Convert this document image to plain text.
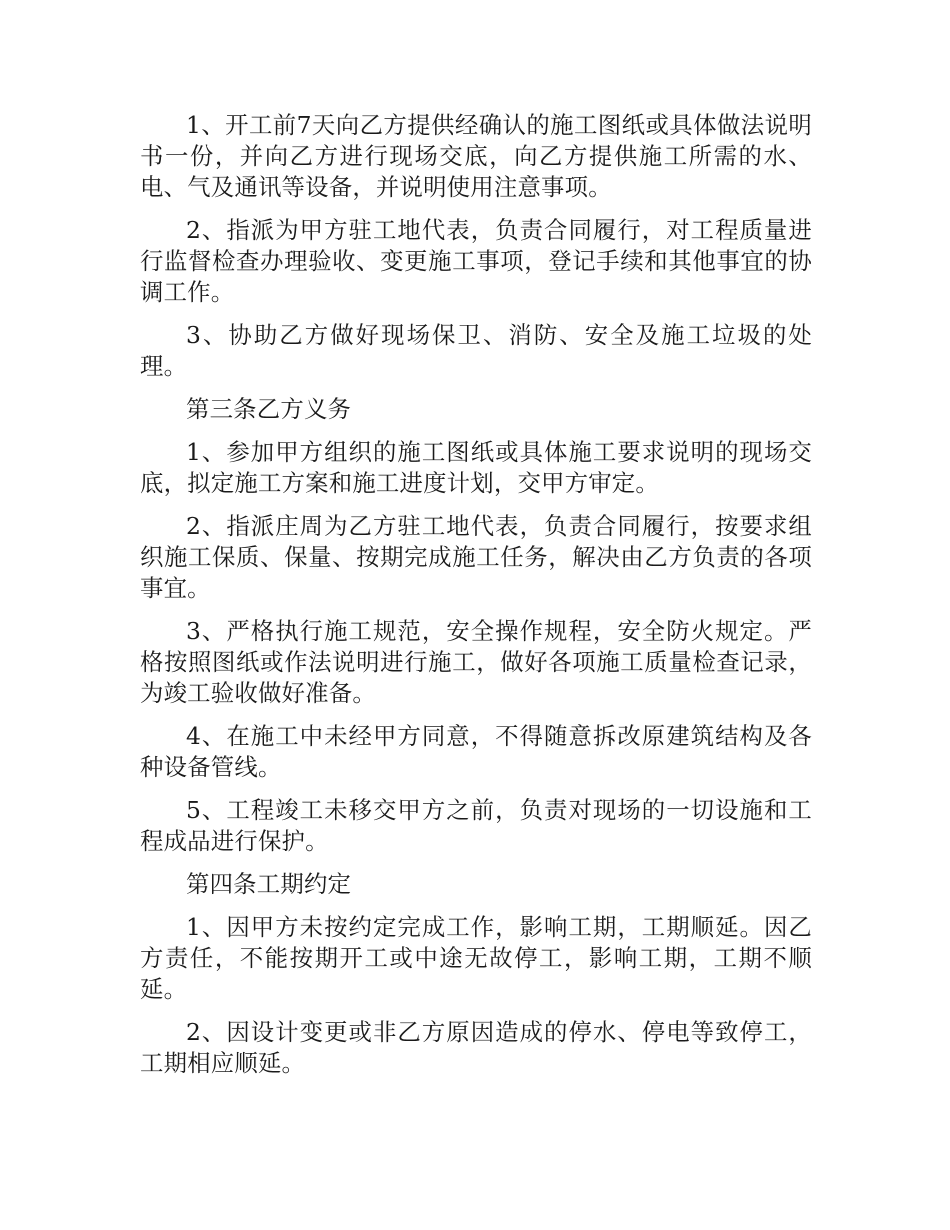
1、开工前7天向乙方提供经确认的施工图纸或具体做法说明书一份，并向乙方进行现场交底，向乙方提供施工所需的水、电、气及通讯等设备，并说明使用注意事项。

2、指派为甲方驻工地代表，负责合同履行，对工程质量进行监督检查办理验收、变更施工事项，登记手续和其他事宜的协调工作。

3、协助乙方做好现场保卫、消防、安全及施工垃圾的处理。

第三条乙方义务

1、参加甲方组织的施工图纸或具体施工要求说明的现场交底，拟定施工方案和施工进度计划，交甲方审定。

2、指派庄周为乙方驻工地代表，负责合同履行，按要求组织施工保质、保量、按期完成施工任务，解决由乙方负责的各项事宜。

3、严格执行施工规范，安全操作规程，安全防火规定。严格按照图纸或作法说明进行施工，做好各项施工质量检查记录，为竣工验收做好准备。

4、在施工中未经甲方同意，不得随意拆改原建筑结构及各种设备管线。

5、工程竣工未移交甲方之前，负责对现场的一切设施和工程成品进行保护。

第四条工期约定

1、因甲方未按约定完成工作，影响工期，工期顺延。因乙方责任，不能按期开工或中途无故停工，影响工期，工期不顺延。

2、因设计变更或非乙方原因造成的停水、停电等致停工，工期相应顺延。
